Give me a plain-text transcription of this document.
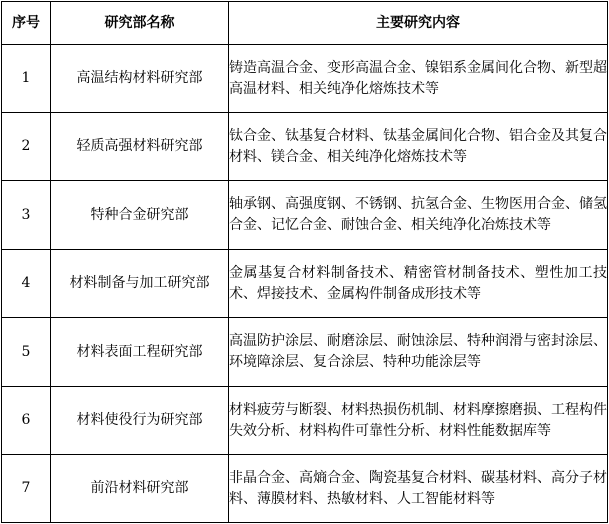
序号	研究部名称	主要研究内容
1	高温结构材料研究部	铸造高温合金、变形高温合金、镍铝系金属间化合物、新型超高温材料、相关纯净化熔炼技术等
2	轻质高强材料研究部	钛合金、钛基复合材料、钛基金属间化合物、铝合金及其复合材料、镁合金、相关纯净化熔炼技术等
3	特种合金研究部	轴承钢、高强度钢、不锈钢、抗氢合金、生物医用合金、储氢合金、记忆合金、耐蚀合金、相关纯净化冶炼技术等
4	材料制备与加工研究部	金属基复合材料制备技术、精密管材制备技术、塑性加工技术、焊接技术、金属构件制备成形技术等
5	材料表面工程研究部	高温防护涂层、耐磨涂层、耐蚀涂层、特种润滑与密封涂层、环境障涂层、复合涂层、特种功能涂层等
6	材料使役行为研究部	材料疲劳与断裂、材料热损伤机制、材料摩擦磨损、工程构件失效分析、材料构件可靠性分析、材料性能数据库等
7	前沿材料研究部	非晶合金、高熵合金、陶瓷基复合材料、碳基材料、高分子材料、薄膜材料、热敏材料、人工智能材料等
